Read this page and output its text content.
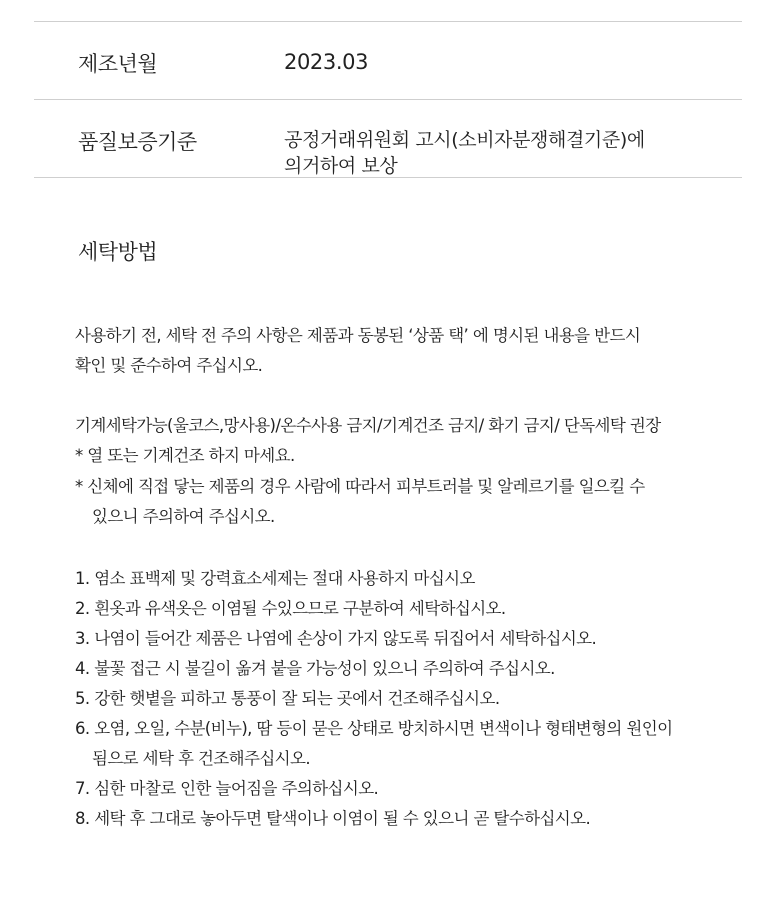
제조년월	2023.03
품질보증기준	공정거래위원회 고시(소비자분쟁해결기준)에
의거하여 보상
세탁방법
사용하기 전, 세탁 전 주의 사항은 제품과 동봉된 ‘상품 택’ 에 명시된 내용을 반드시
확인 및 준수하여 주십시오.
기계세탁가능(울코스,망사용)/온수사용 금지/기계건조 금지/ 화기 금지/ 단독세탁 권장
* 열 또는 기계건조 하지 마세요.
* 신체에 직접 닿는 제품의 경우 사람에 따라서 피부트러블 및 알레르기를 일으킬 수
있으니 주의하여 주십시오.
1. 염소 표백제 및 강력효소세제는 절대 사용하지 마십시오
2. 흰옷과 유색옷은 이염될 수있으므로 구분하여 세탁하십시오.
3. 나염이 들어간 제품은 나염에 손상이 가지 않도록 뒤집어서 세탁하십시오.
4. 불꽃 접근 시 불길이 옮겨 붙을 가능성이 있으니 주의하여 주십시오.
5. 강한 햇볕을 피하고 통풍이 잘 되는 곳에서 건조해주십시오.
6. 오염, 오일, 수분(비누), 땀 등이 묻은 상태로 방치하시면 변색이나 형태변형의 원인이
됨으로 세탁 후 건조해주십시오.
7. 심한 마찰로 인한 늘어짐을 주의하십시오.
8. 세탁 후 그대로 놓아두면 탈색이나 이염이 될 수 있으니 곧 탈수하십시오.
